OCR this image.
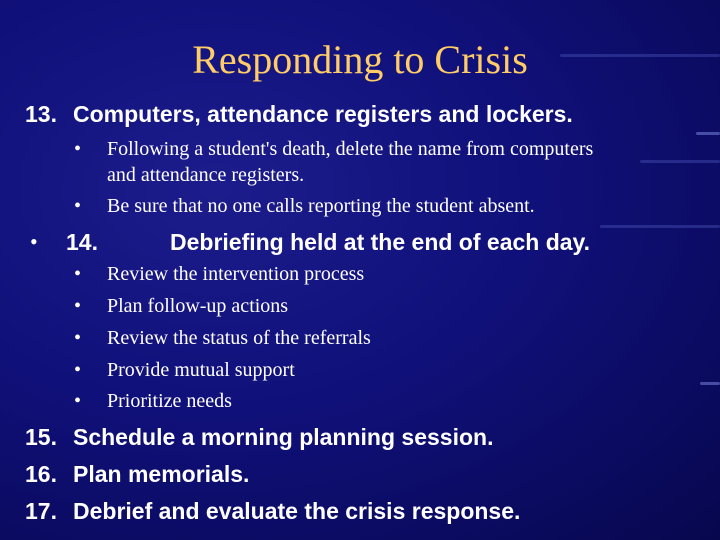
Responding to Crisis
13. Computers, attendance registers and lockers.
• Following a student's death, delete the name from computers
and attendance registers.
• Be sure that no one calls reporting the student absent.
• 14.	Debriefing held at the end of each day.
• Review the intervention process
• Plan follow-up actions
• Review the status of the referrals
• Provide mutual support
• Prioritize needs
15. Schedule a morning planning session.
16. Plan memorials.
17. Debrief and evaluate the crisis response.
